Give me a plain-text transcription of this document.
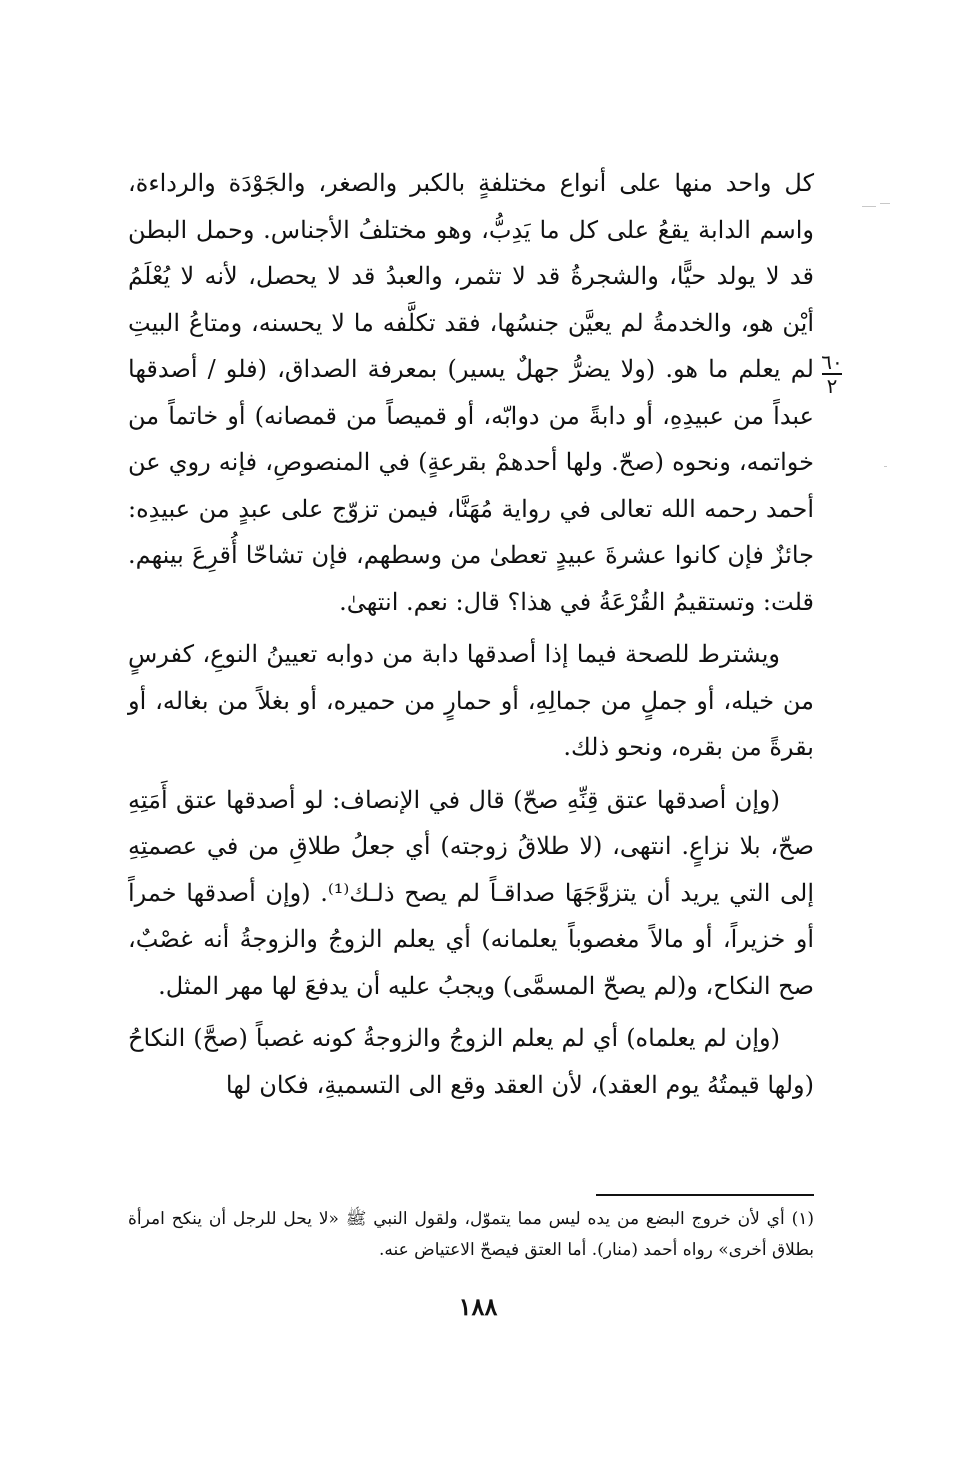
كل واحد منها على أنواع مختلفةٍ بالكبر والصغر، والجَوْدَة والرداءة، واسم الدابة يقعُ على كل ما يَدِبُّ، وهو مختلفُ الأجناس. وحمل البطن قد لا يولد حيًّا، والشجرةُ قد لا تثمر، والعبدُ قد لا يحصل، لأنه لا يُعْلَمُ أيْن هو، والخدمةُ لم يعيَّن جنسُها، فقد تكلَّفه ما لا يحسنه، ومتاعُ البيتِ لم يعلم ما هو. (ولا يضرُّ جهلٌ يسير) بمعرفة الصداق، (فلو / أصدقها عبداً من عبيدِهِ، أو دابةً من دوابّه، أو قميصاً من قمصانه) أو خاتماً من خواتمه، ونحوه (صحّ. ولها أحدهمْ بقرعةٍ) في المنصوصِ، فإنه روي عن أحمد رحمه الله تعالى في رواية مُهَنَّا، فيمن تزوّج على عبدٍ من عبيدِه: جائزٌ فإن كانوا عشرةَ عبيدٍ تعطىٰ من وسطهم، فإن تشاحّا أُقرِعَ بينهم. قلت: وتستقيمُ القُرْعَةُ في هذا؟ قال: نعم. انتهىٰ.

ويشترط للصحة فيما إذا أصدقها دابة من دوابه تعيينُ النوعِ، كفرسٍ من خيله، أو جملٍ من جمالِهِ، أو حمارٍ من حميره، أو بغلاً من بغاله، أو بقرةً من بقره، ونحو ذلك.

(وإن أصدقها عتق قِنِّهِ صحّ) قال في الإنصاف: لو أصدقها عتق أَمَتِهِ صحّ، بلا نزاعٍ. انتهى، (لا طلاقُ زوجته) أي جعلُ طلاقِ من في عصمتِهِ إلى التي يريد أن يتزوَّجَهَا صداقـاً لم يصح ذلـك⁽¹⁾. (وإن أصدقها خمراً أو خزيراً، أو مالاً مغصوباً يعلمانه) أي يعلم الزوجُ والزوجةُ أنه غصْبٌ، صح النكاح، و(لم يصحّ المسمَّى) ويجبُ عليه أن يدفعَ لها مهر المثل.

(وإن لم يعلماه) أي لم يعلم الزوجُ والزوجةُ كونه غصباً (صحَّ) النكاحُ (ولها قيمتُهُ يوم العقد)، لأن العقد وقع الى التسميةِ، فكان لها

٦٠
٢
(١) أي لأن خروج البضع من يده ليس مما يتموّل، ولقول النبي ﷺ «لا يحل للرجل أن ينكح امرأة بطلاق أخرى» رواه أحمد (منار). أما العتق فيصحّ الاعتياض عنه.
١٨٨
